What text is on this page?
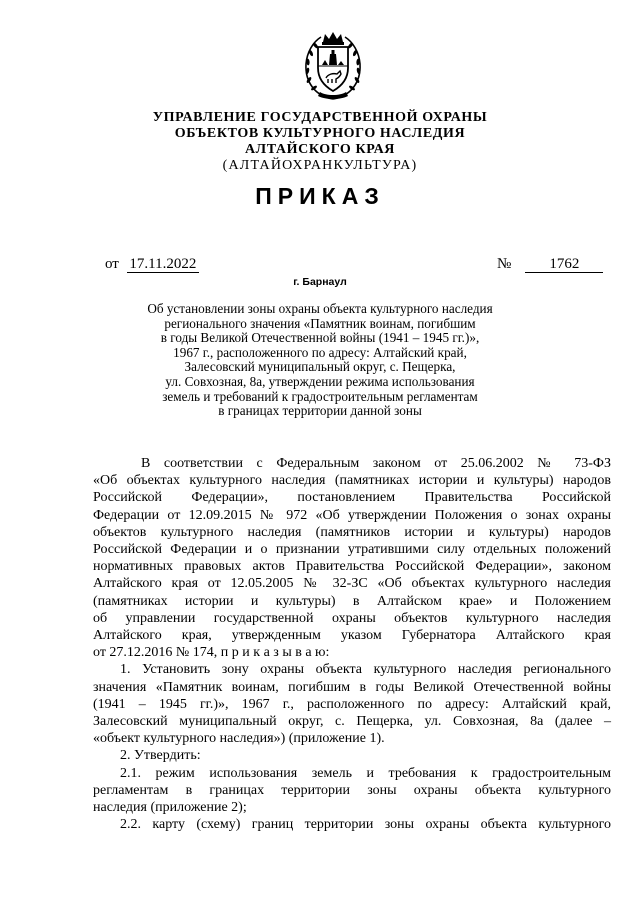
УПРАВЛЕНИЕ ГОСУДАРСТВЕННОЙ ОХРАНЫ
ОБЪЕКТОВ КУЛЬТУРНОГО НАСЛЕДИЯ
АЛТАЙСКОГО КРАЯ
(АЛТАЙОХРАНКУЛЬТУРА)
ПРИКАЗ
от 17.11.2022	№	1762
г. Барнаул
Об установлении зоны охраны объекта культурного наследия
регионального значения «Памятник воинам, погибшим
в годы Великой Отечественной войны (1941 – 1945 гг.)»,
1967 г., расположенного по адресу: Алтайский край,
Залесовский муниципальный округ, с. Пещерка,
ул. Совхозная, 8а, утверждении режима использования
земель и требований к градостроительным регламентам
в границах территории данной зоны

В соответствии с Федеральным законом от 25.06.2002 № 73-ФЗ

«Об объектах культурного наследия (памятниках истории и культуры) народов

Российской Федерации», постановлением Правительства Российской

Федерации от 12.09.2015 № 972 «Об утверждении Положения о зонах охраны

объектов культурного наследия (памятников истории и культуры) народов

Российской Федерации и о признании утратившими силу отдельных положений

нормативных правовых актов Правительства Российской Федерации», законом

Алтайского края от 12.05.2005 № 32-ЗС «Об объектах культурного наследия

(памятниках истории и культуры) в Алтайском крае» и Положением

об управлении государственной охраны объектов культурного наследия

Алтайского края, утвержденным указом Губернатора Алтайского края

от 27.12.2016 № 174, п р и к а з ы в а ю:

1. Установить зону охраны объекта культурного наследия регионального

значения «Памятник воинам, погибшим в годы Великой Отечественной войны

(1941 – 1945 гг.)», 1967 г., расположенного по адресу: Алтайский край,

Залесовский муниципальный округ, с. Пещерка, ул. Совхозная, 8а (далее –

«объект культурного наследия») (приложение 1).

2. Утвердить:

2.1. режим использования земель и требования к градостроительным

регламентам в границах территории зоны охраны объекта культурного

наследия (приложение 2);

2.2. карту (схему) границ территории зоны охраны объекта культурного
